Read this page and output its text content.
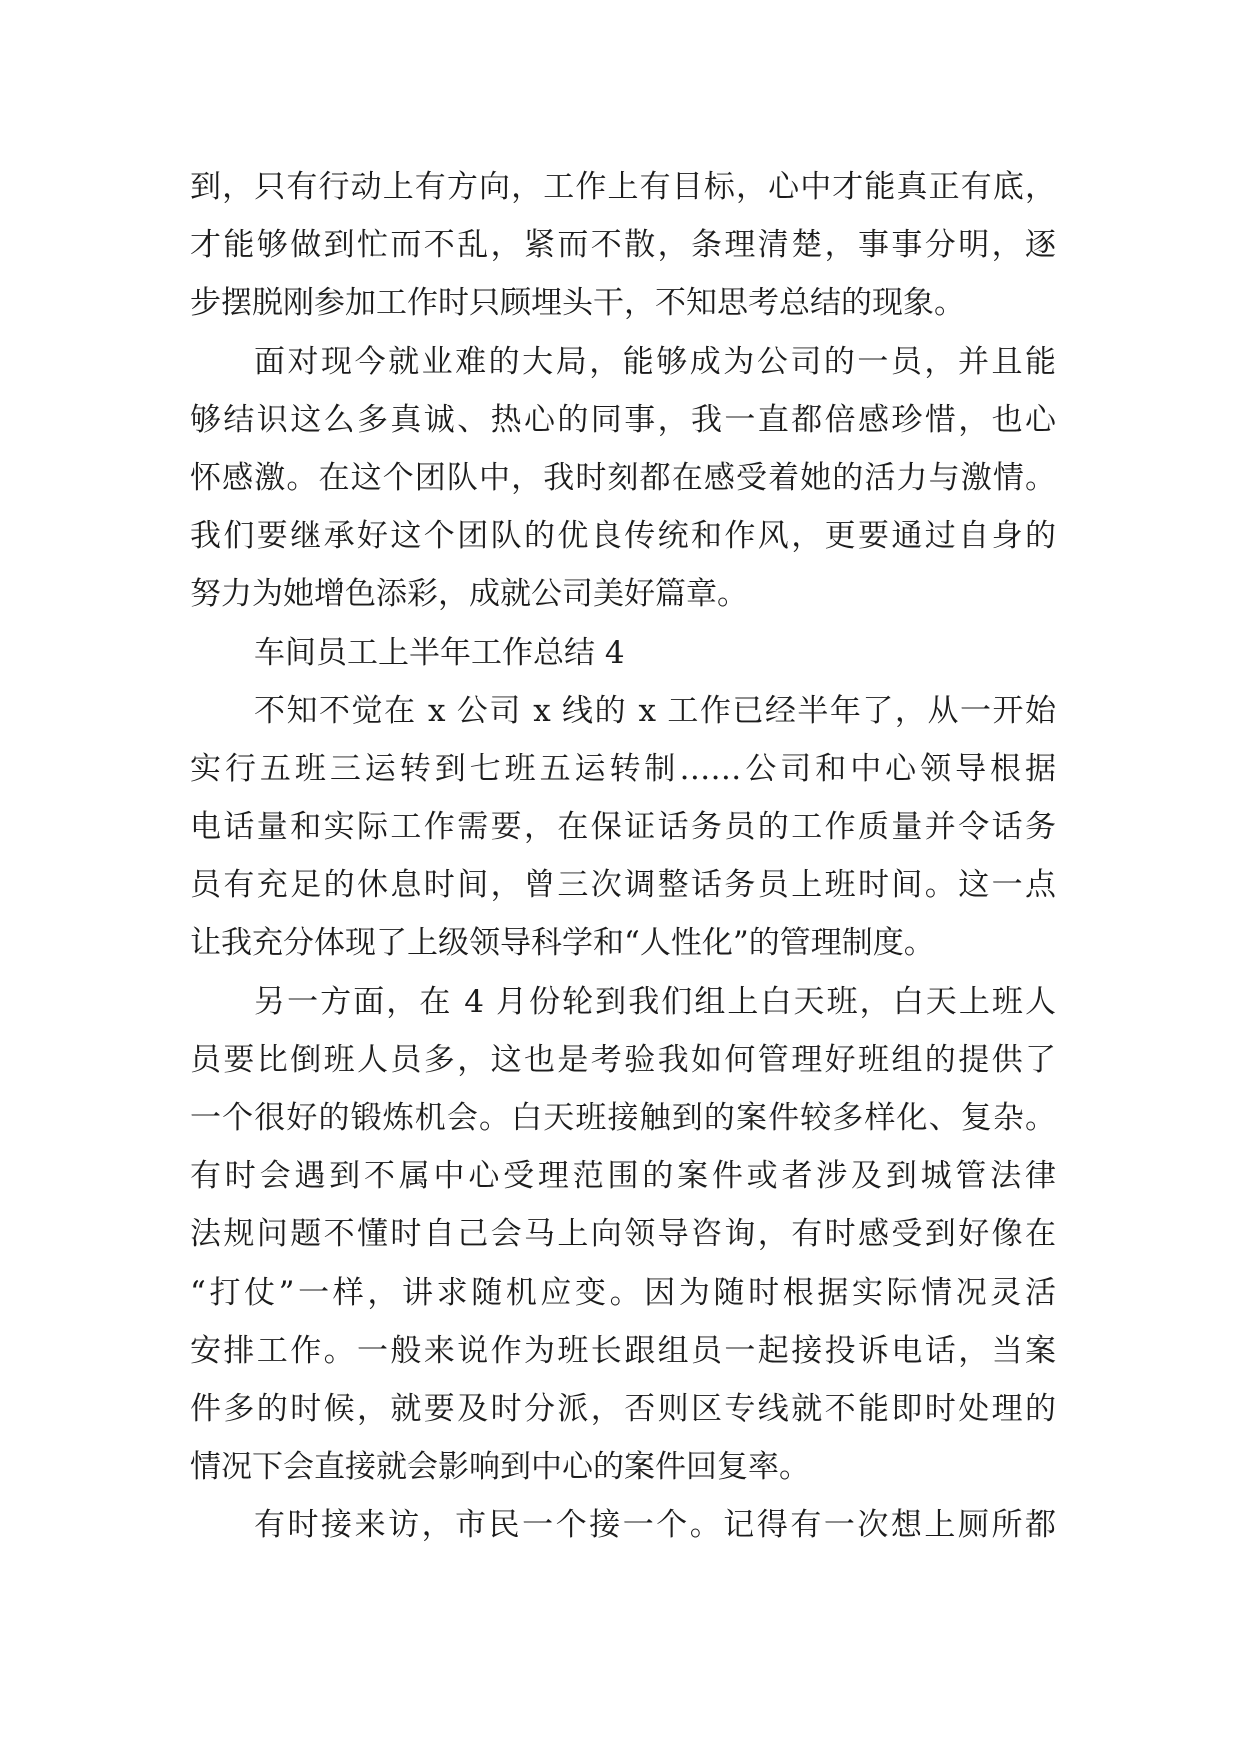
到，只有行动上有方向，工作上有目标，心中才能真正有底，
才能够做到忙而不乱，紧而不散，条理清楚，事事分明，逐
步摆脱刚参加工作时只顾埋头干，不知思考总结的现象。
面对现今就业难的大局，能够成为公司的一员，并且能
够结识这么多真诚、热心的同事，我一直都倍感珍惜，也心
怀感激。在这个团队中，我时刻都在感受着她的活力与激情。
我们要继承好这个团队的优良传统和作风，更要通过自身的
努力为她增色添彩，成就公司美好篇章。
车间员工上半年工作总结 4
不知不觉在 x 公司 x 线的 x 工作已经半年了，从一开始
实行五班三运转到七班五运转制……公司和中心领导根据
电话量和实际工作需要，在保证话务员的工作质量并令话务
员有充足的休息时间，曾三次调整话务员上班时间。这一点
让我充分体现了上级领导科学和“人性化”的管理制度。
另一方面，在 4 月份轮到我们组上白天班，白天上班人
员要比倒班人员多，这也是考验我如何管理好班组的提供了
一个很好的锻炼机会。白天班接触到的案件较多样化、复杂。
有时会遇到不属中心受理范围的案件或者涉及到城管法律
法规问题不懂时自己会马上向领导咨询，有时感受到好像在
“打仗”一样，讲求随机应变。因为随时根据实际情况灵活
安排工作。一般来说作为班长跟组员一起接投诉电话，当案
件多的时候，就要及时分派，否则区专线就不能即时处理的
情况下会直接就会影响到中心的案件回复率。
有时接来访，市民一个接一个。记得有一次想上厕所都
